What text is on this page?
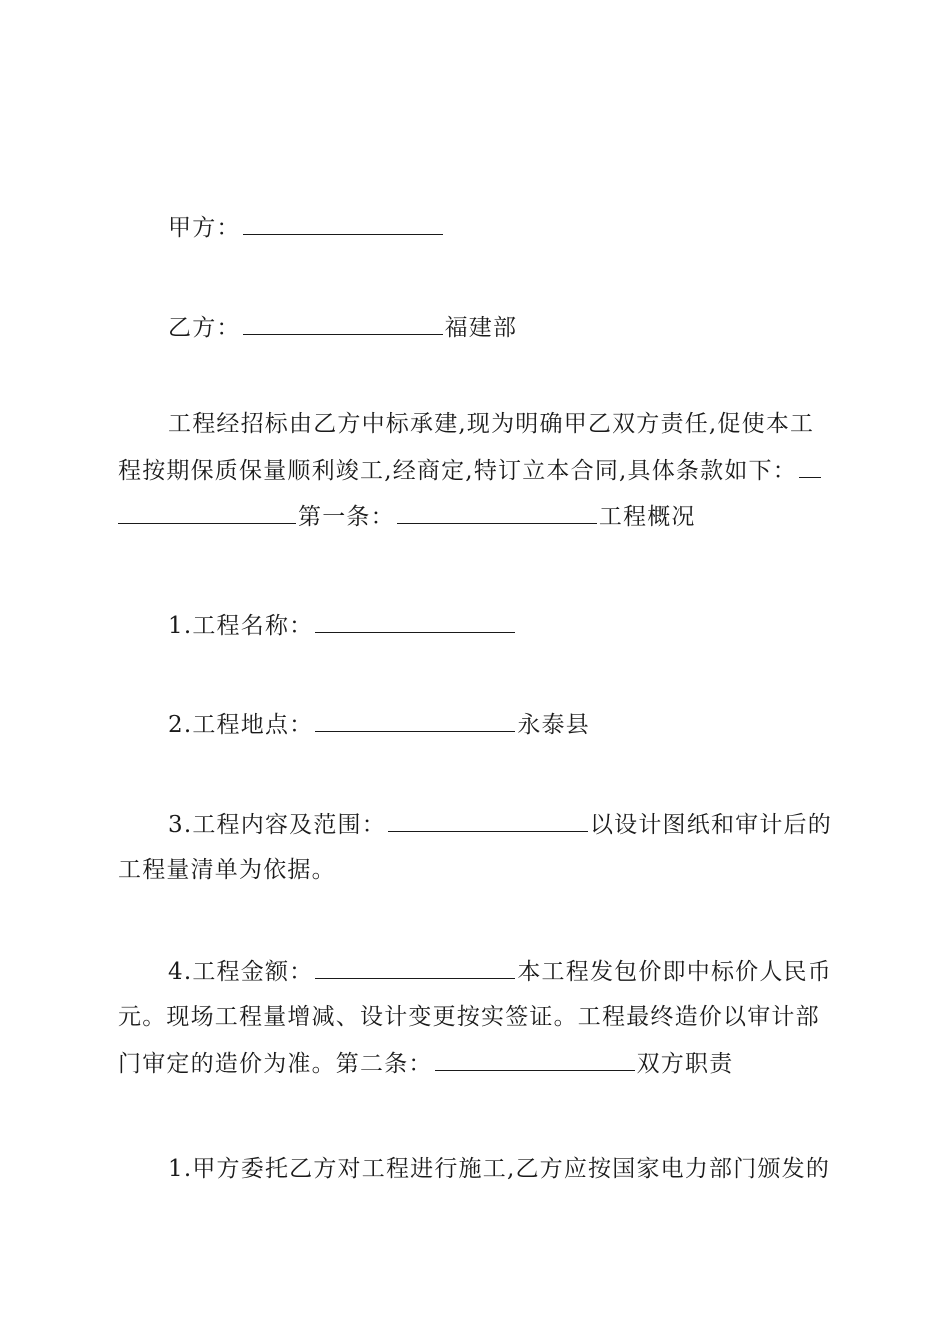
甲方：

乙方：	福建部

工程经招标由乙方中标承建,现为明确甲乙双方责任,促使本工
程按期保质保量顺利竣工,经商定,特订立本合同,具体条款如下：
第一条：	工程概况

1.工程名称：

2.工程地点：	永泰县

3.工程内容及范围：	以设计图纸和审计后的
工程量清单为依据。

4.工程金额：	本工程发包价即中标价人民币
元。现场工程量增减、设计变更按实签证。工程最终造价以审计部
门审定的造价为准。第二条：	双方职责

1.甲方委托乙方对工程进行施工,乙方应按国家电力部门颁发的
